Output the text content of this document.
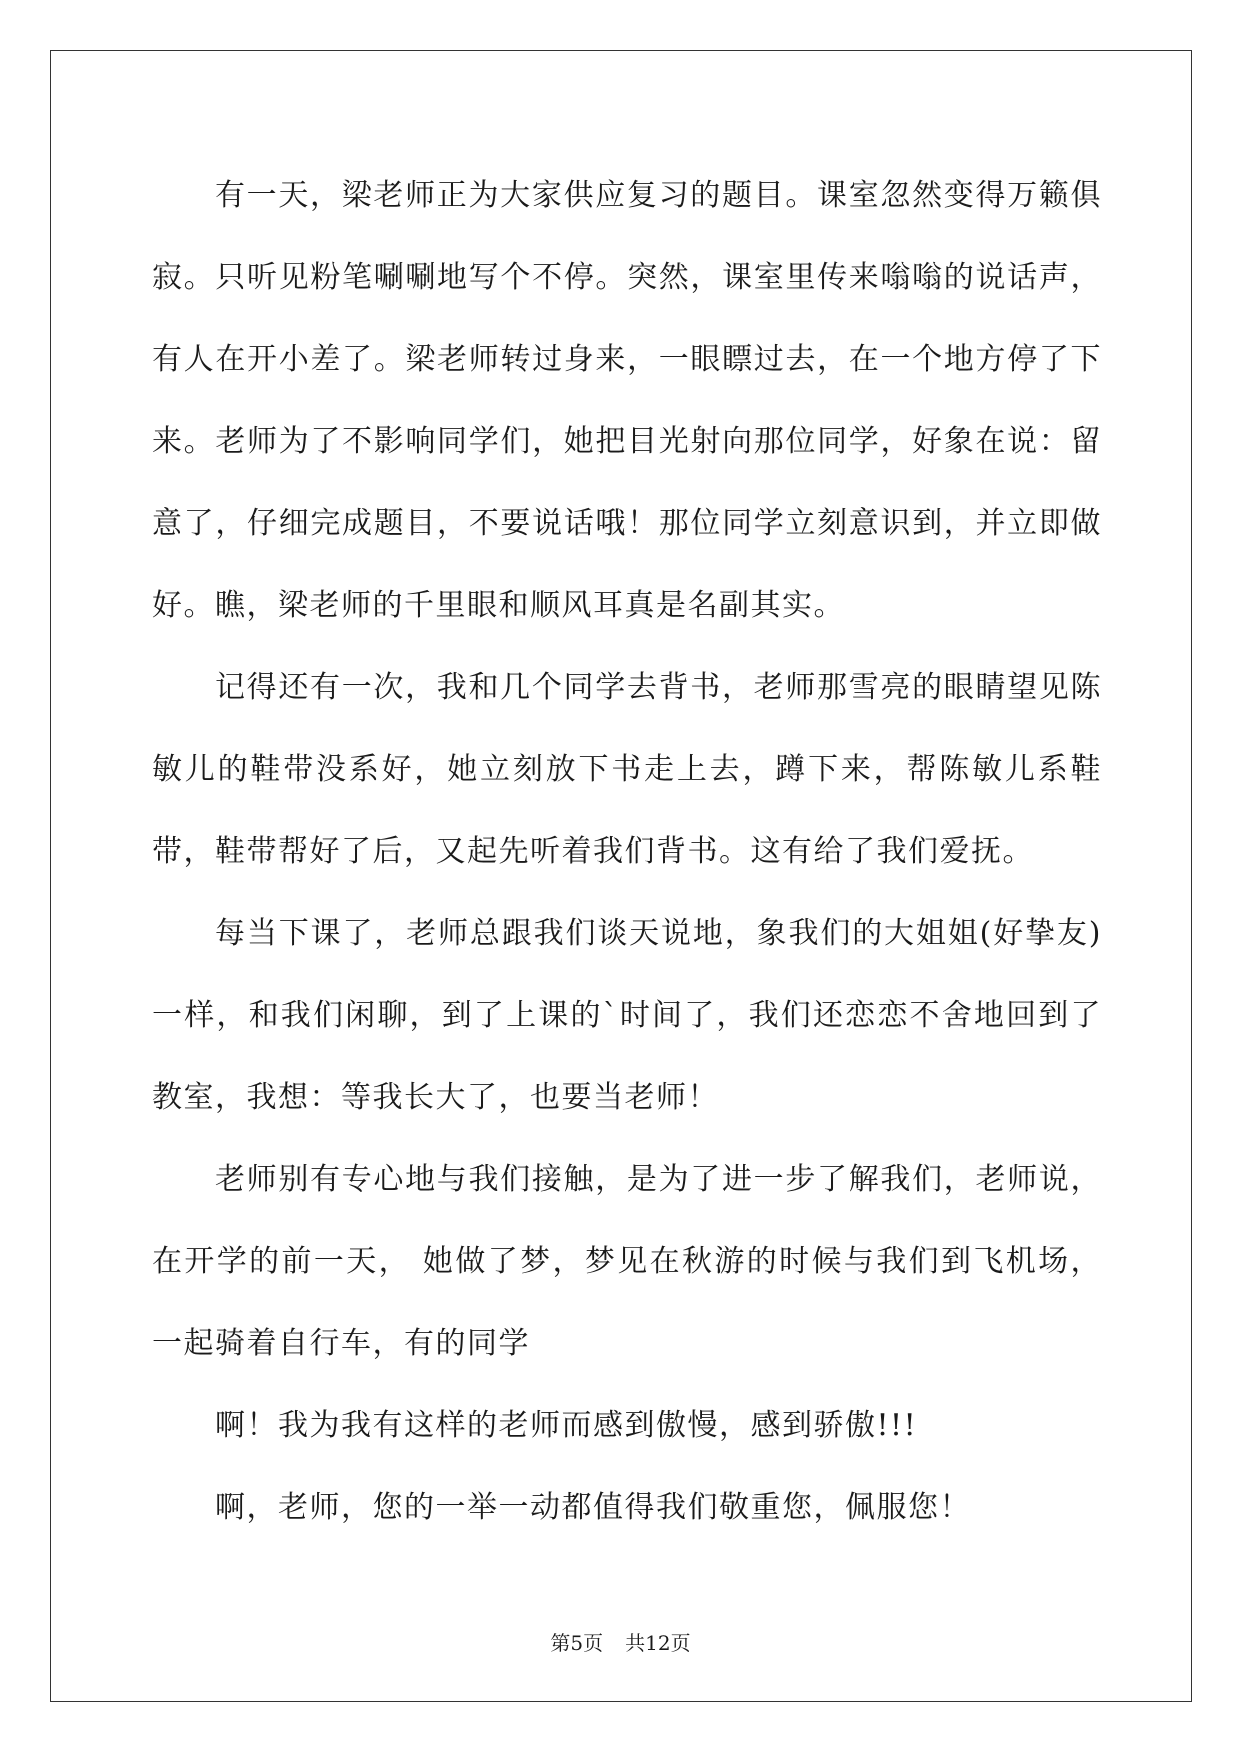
有一天，梁老师正为大家供应复习的题目。课室忽然变得万籁俱寂。只听见粉笔唰唰地写个不停。突然，课室里传来嗡嗡的说话声，有人在开小差了。梁老师转过身来，一眼瞟过去，在一个地方停了下来。老师为了不影响同学们，她把目光射向那位同学，好象在说：留意了，仔细完成题目，不要说话哦！那位同学立刻意识到，并立即做好。瞧，梁老师的千里眼和顺风耳真是名副其实。

记得还有一次，我和几个同学去背书，老师那雪亮的眼睛望见陈敏儿的鞋带没系好，她立刻放下书走上去，蹲下来，帮陈敏儿系鞋带，鞋带帮好了后，又起先听着我们背书。这有给了我们爱抚。

每当下课了，老师总跟我们谈天说地，象我们的大姐姐(好挚友)一样，和我们闲聊，到了上课的`时间了，我们还恋恋不舍地回到了教室，我想：等我长大了，也要当老师！

老师别有专心地与我们接触，是为了进一步了解我们，老师说，在开学的前一天， 她做了梦，梦见在秋游的时候与我们到飞机场，一起骑着自行车，有的同学

啊！我为我有这样的老师而感到傲慢，感到骄傲!!!

啊，老师，您的一举一动都值得我们敬重您，佩服您！

第5页 共12页
